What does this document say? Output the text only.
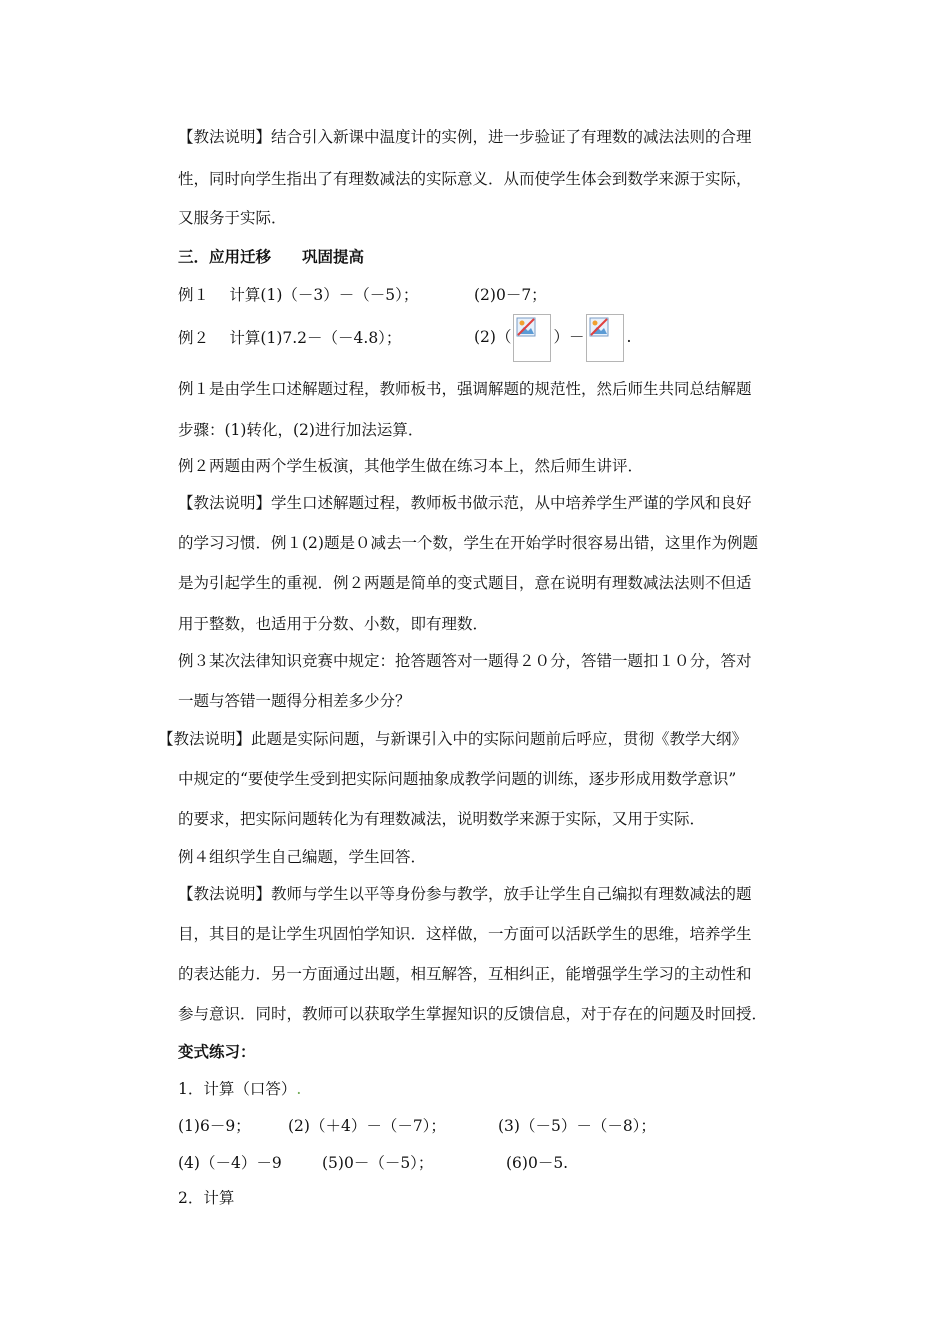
【教法说明】结合引入新课中温度计的实例，进一步验证了有理数的减法法则的合理
性，同时向学生指出了有理数减法的实际意义．从而使学生体会到数学来源于实际，
又服务于实际．
三．应用迁移　　巩固提高
例１　 计算(1)（－3）－（－5）；	(2)0－7；
例２　 计算(1)7.2－（－4.8）；	(2)（	）－	.
例１是由学生口述解题过程，教师板书，强调解题的规范性，然后师生共同总结解题
步骤：(1)转化，(2)进行加法运算．
例２两题由两个学生板演，其他学生做在练习本上，然后师生讲评．
【教法说明】学生口述解题过程，教师板书做示范，从中培养学生严谨的学风和良好
的学习习惯．例１(2)题是０减去一个数，学生在开始学时很容易出错，这里作为例题
是为引起学生的重视．例２两题是简单的变式题目，意在说明有理数减法法则不但适
用于整数，也适用于分数、小数，即有理数．
例３某次法律知识竞赛中规定：抢答题答对一题得２０分，答错一题扣１０分，答对
一题与答错一题得分相差多少分？
【教法说明】此题是实际问题，与新课引入中的实际问题前后呼应，贯彻《教学大纲》
中规定的“要使学生受到把实际问题抽象成教学问题的训练，逐步形成用数学意识”
的要求，把实际问题转化为有理数减法，说明数学来源于实际，又用于实际．
例４组织学生自己编题，学生回答．
【教法说明】教师与学生以平等身份参与教学，放手让学生自己编拟有理数减法的题
目，其目的是让学生巩固怕学知识．这样做，一方面可以活跃学生的思维，培养学生
的表达能力．另一方面通过出题，相互解答，互相纠正，能增强学生学习的主动性和
参与意识．同时，教师可以获取学生掌握知识的反馈信息，对于存在的问题及时回授．
变式练习：
1．计算（口答）.
(1)6－9； (2)（＋4）－（－7）；	(3)（－5）－（－8）；
(4)（－4）－9	(5)0－（－5）；	(6)0－5.
2．计算
